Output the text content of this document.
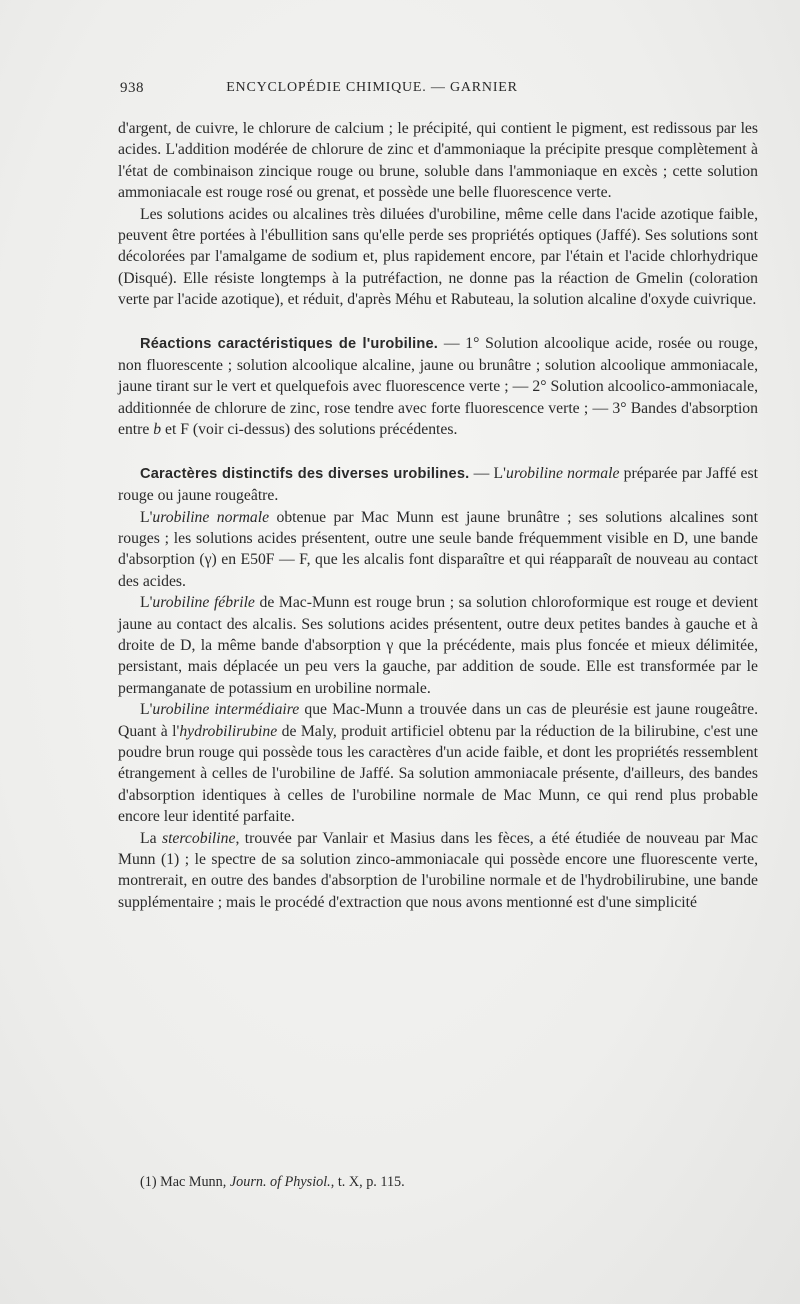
938	ENCYCLOPÉDIE CHIMIQUE. — GARNIER

d'argent, de cuivre, le chlorure de calcium ; le précipité, qui contient le pigment, est redissous par les acides. L'addition modérée de chlorure de zinc et d'ammoniaque la précipite presque complètement à l'état de combinaison zincique rouge ou brune, soluble dans l'ammoniaque en excès ; cette solution ammoniacale est rouge rosé ou grenat, et possède une belle fluorescence verte.

Les solutions acides ou alcalines très diluées d'urobiline, même celle dans l'acide azotique faible, peuvent être portées à l'ébullition sans qu'elle perde ses propriétés optiques (Jaffé). Ses solutions sont décolorées par l'amalgame de sodium et, plus rapidement encore, par l'étain et l'acide chlorhydrique (Disqué). Elle résiste longtemps à la putréfaction, ne donne pas la réaction de Gmelin (coloration verte par l'acide azotique), et réduit, d'après Méhu et Rabuteau, la solution alcaline d'oxyde cuivrique.

Réactions caractéristiques de l'urobiline. — 1° Solution alcoolique acide, rosée ou rouge, non fluorescente ; solution alcoolique alcaline, jaune ou brunâtre ; solution alcoolique ammoniacale, jaune tirant sur le vert et quelquefois avec fluorescence verte ; — 2° Solution alcoolico-ammoniacale, additionnée de chlorure de zinc, rose tendre avec forte fluorescence verte ; — 3° Bandes d'absorption entre b et F (voir ci-dessus) des solutions précédentes.

Caractères distinctifs des diverses urobilines. — L'urobiline normale préparée par Jaffé est rouge ou jaune rougeâtre.

L'urobiline normale obtenue par Mac Munn est jaune brunâtre ; ses solutions alcalines sont rouges ; les solutions acides présentent, outre une seule bande fréquemment visible en D, une bande d'absorption (γ) en E50F — F, que les alcalis font disparaître et qui réapparaît de nouveau au contact des acides.

L'urobiline fébrile de Mac-Munn est rouge brun ; sa solution chloroformique est rouge et devient jaune au contact des alcalis. Ses solutions acides présentent, outre deux petites bandes à gauche et à droite de D, la même bande d'absorption γ que la précédente, mais plus foncée et mieux délimitée, persistant, mais déplacée un peu vers la gauche, par addition de soude. Elle est transformée par le permanganate de potassium en urobiline normale.

L'urobiline intermédiaire que Mac-Munn a trouvée dans un cas de pleurésie est jaune rougeâtre. Quant à l'hydrobilirubine de Maly, produit artificiel obtenu par la réduction de la bilirubine, c'est une poudre brun rouge qui possède tous les caractères d'un acide faible, et dont les propriétés ressemblent étrangement à celles de l'urobiline de Jaffé. Sa solution ammoniacale présente, d'ailleurs, des bandes d'absorption identiques à celles de l'urobiline normale de Mac Munn, ce qui rend plus probable encore leur identité parfaite.

La stercobiline, trouvée par Vanlair et Masius dans les fèces, a été étudiée de nouveau par Mac Munn (1) ; le spectre de sa solution zinco-ammoniacale qui possède encore une fluorescente verte, montrerait, en outre des bandes d'absorption de l'urobiline normale et de l'hydrobilirubine, une bande supplémentaire ; mais le procédé d'extraction que nous avons mentionné est d'une simplicité

(1) Mac Munn, Journ. of Physiol., t. X, p. 115.
